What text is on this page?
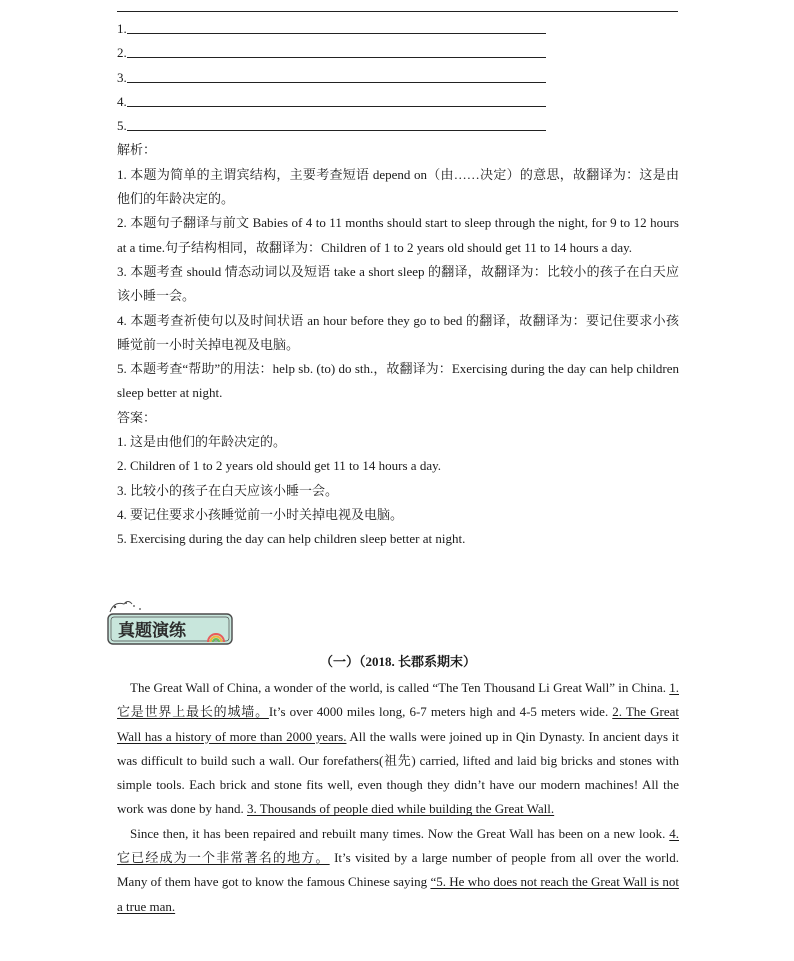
1.
2.
3.
4.
5.

解析：

1. 本题为简单的主谓宾结构，主要考查短语 depend on（由……决定）的意思，故翻译为：这是由他们的年龄决定的。

2. 本题句子翻译与前文 Babies of 4 to 11 months should start to sleep through the night, for 9 to 12 hours at a time.句子结构相同，故翻译为：Children of 1 to 2 years old should get 11 to 14 hours a day.

3. 本题考查 should 情态动词以及短语 take a short sleep 的翻译，故翻译为：比较小的孩子在白天应该小睡一会。

4. 本题考查祈使句以及时间状语 an hour before they go to bed 的翻译，故翻译为：要记住要求小孩睡觉前一小时关掉电视及电脑。

5. 本题考查“帮助”的用法：help sb. (to) do sth.，故翻译为：Exercising during the day can help children sleep better at night.

答案：

1. 这是由他们的年龄决定的。

2. Children of 1 to 2 years old should get 11 to 14 hours a day.

3. 比较小的孩子在白天应该小睡一会。

4. 要记住要求小孩睡觉前一小时关掉电视及电脑。

5. Exercising during the day can help children sleep better at night.

真题演练
（一）（2018. 长郡系期末）

The Great Wall of China, a wonder of the world, is called “The Ten Thousand Li Great Wall” in China. 1. 它是世界上最长的城墙。It’s over 4000 miles long, 6-7 meters high and 4-5 meters wide. 2. The Great Wall has a history of more than 2000 years. All the walls were joined up in Qin Dynasty. In ancient days it was difficult to build such a wall. Our forefathers(祖先) carried, lifted and laid big bricks and stones with simple tools. Each brick and stone fits well, even though they didn’t have our modern machines! All the work was done by hand. 3. Thousands of people died while building the Great Wall.

Since then, it has been repaired and rebuilt many times. Now the Great Wall has been on a new look. 4. 它已经成为一个非常著名的地方。 It’s visited by a large number of people from all over the world. Many of them have got to know the famous Chinese saying “5. He who does not reach the Great Wall is not a true man.
